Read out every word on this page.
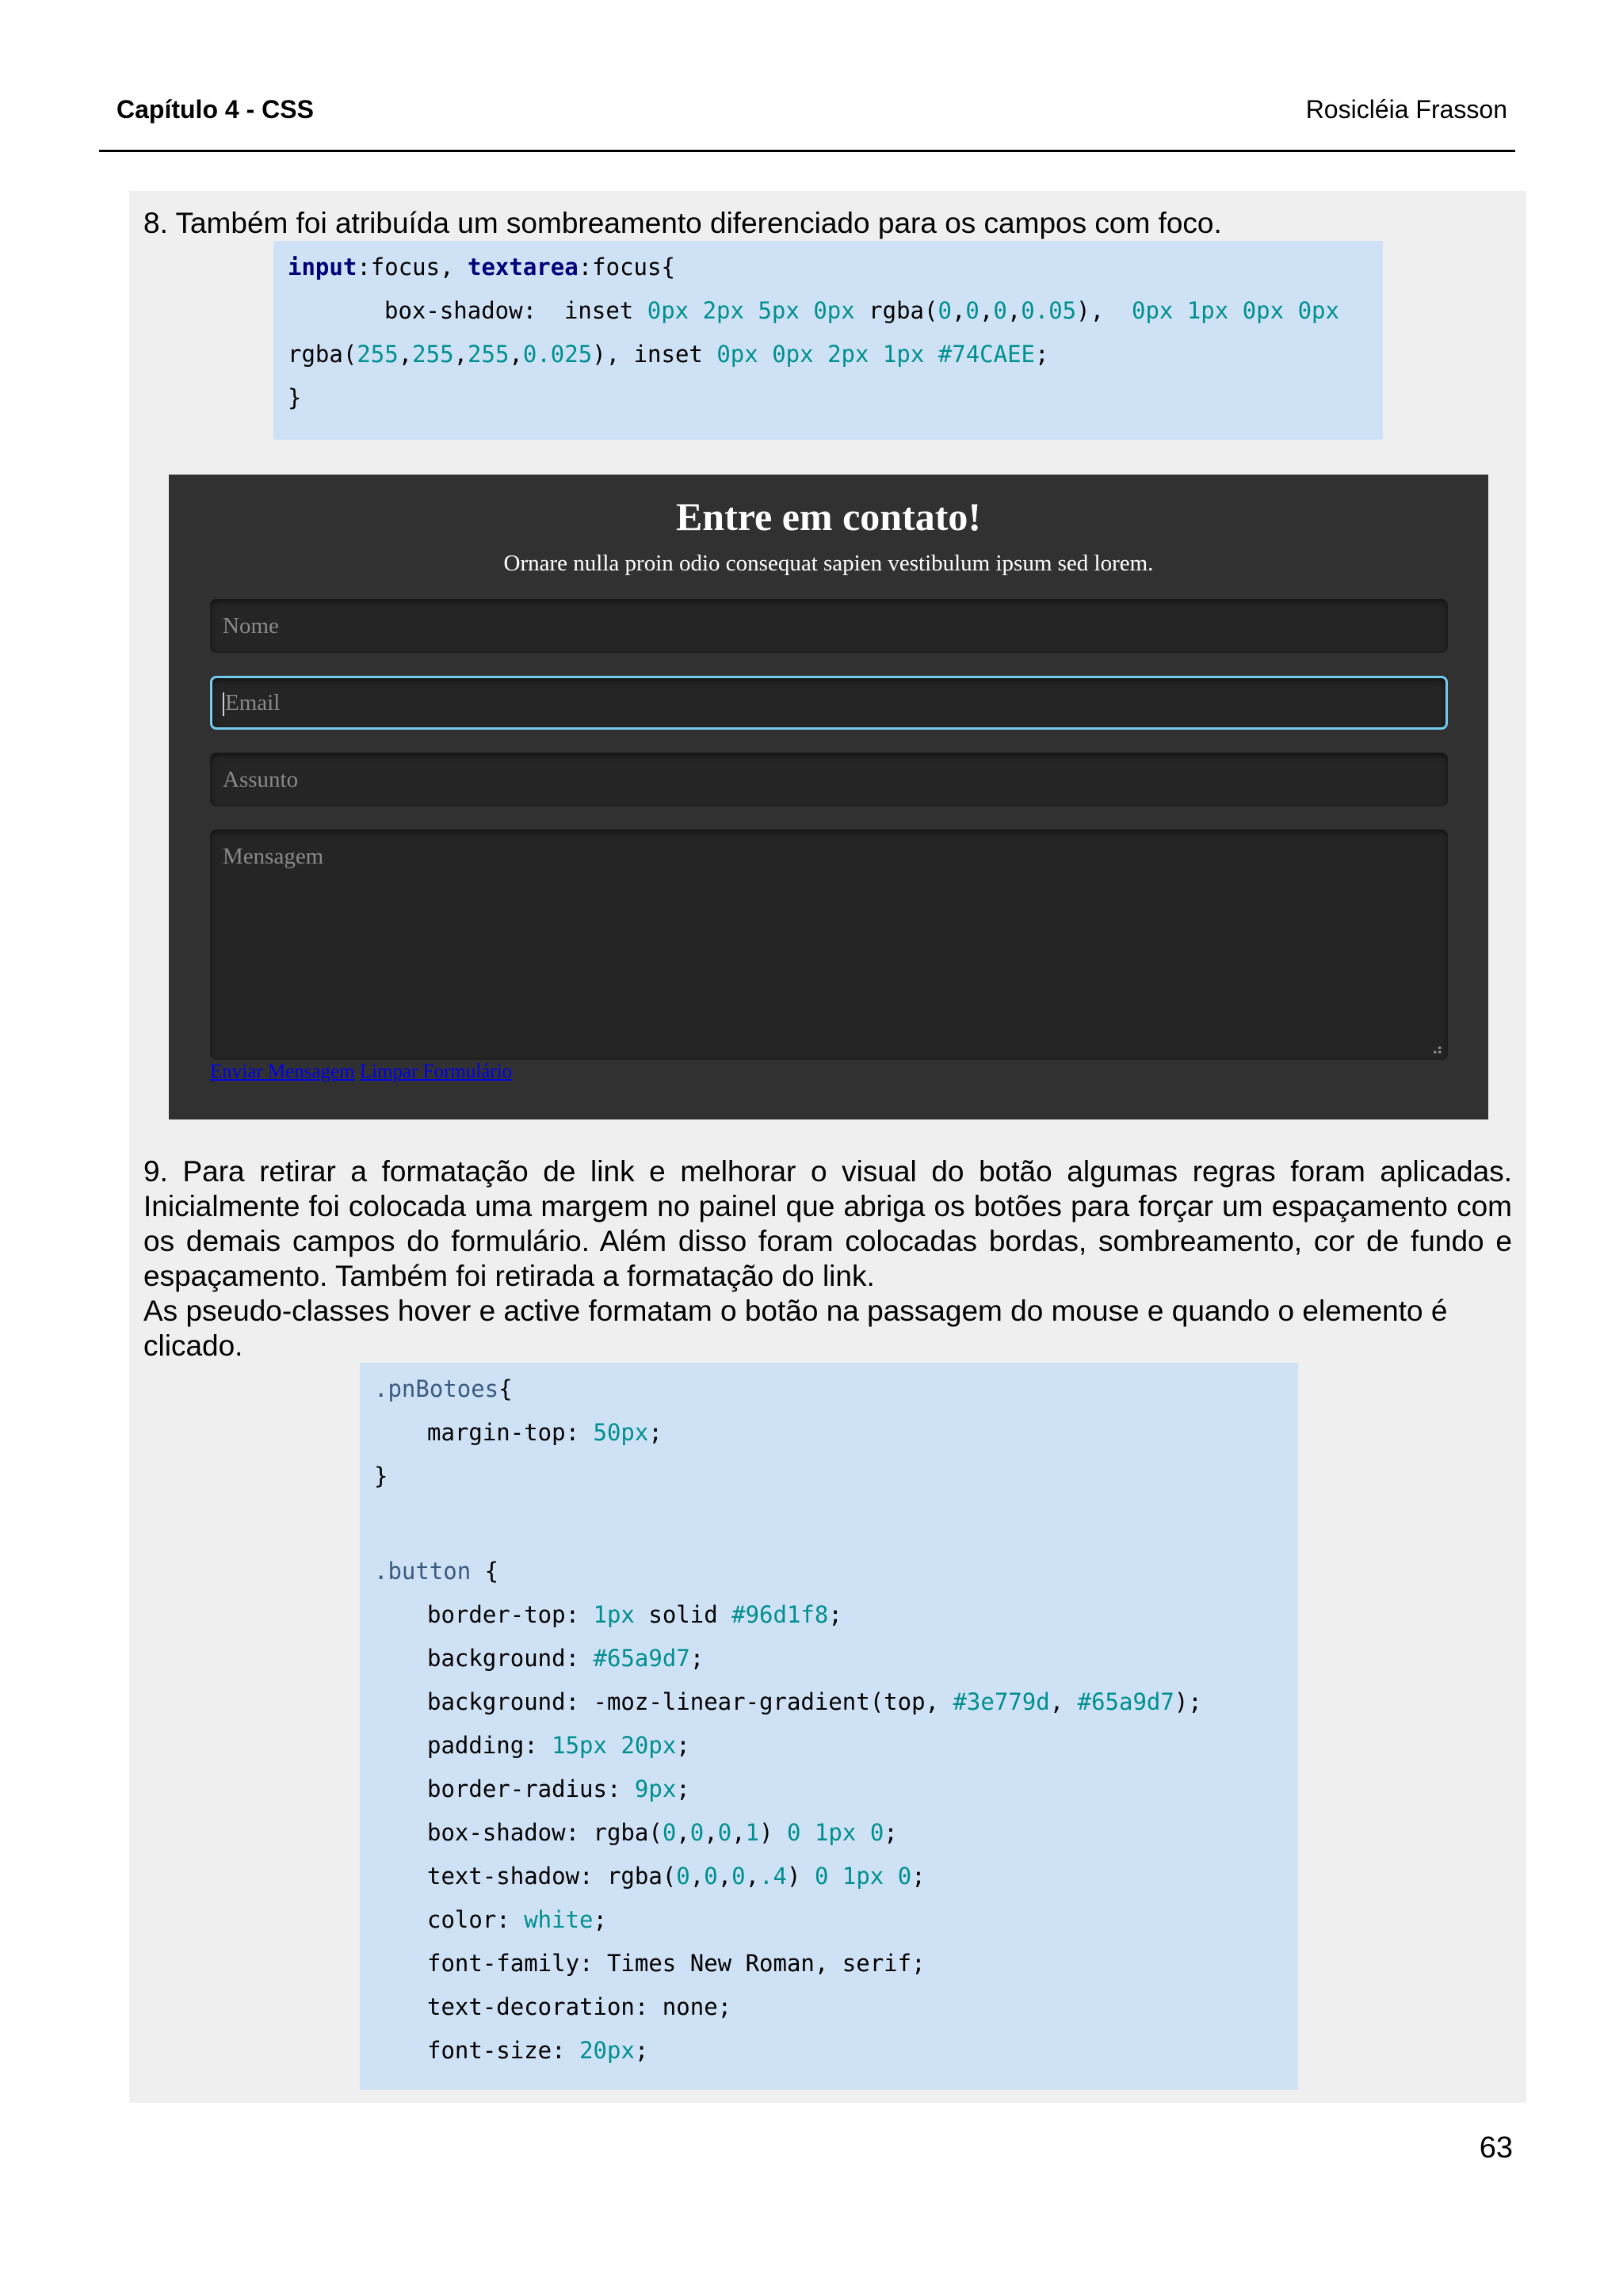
Capítulo 4 - CSS	Rosicléia Frasson

8. Também foi atribuída um sombreamento diferenciado para os campos com foco.

input:focus, textarea:focus{

box-shadow:  inset 0px 2px 5px 0px rgba(0,0,0,0.05),  0px 1px 0px 0px

rgba(255,255,255,0.025), inset 0px 0px 2px 1px #74CAEE;

}

Entre em contato!
Ornare nulla proin odio consequat sapien vestibulum ipsum sed lorem.
Nome
Email
Assunto
Mensagem
⠴
Enviar Mensagem Limpar Formulário

9. Para retirar a formatação de link e melhorar o visual do botão algumas regras foram aplicadas. Inicialmente foi colocada uma margem no painel que abriga os botões para forçar um espaçamento com os demais campos do formulário. Além disso foram colocadas bordas, sombreamento, cor de fundo e espaçamento. Também foi retirada a formatação do link.

As pseudo-classes hover e active formatam o botão na passagem do mouse e quando o elemento é clicado.

.pnBotoes{

margin-top: 50px;

}

.button {

border-top: 1px solid #96d1f8;

background: #65a9d7;

background: -moz-linear-gradient(top, #3e779d, #65a9d7);

padding: 15px 20px;

border-radius: 9px;

box-shadow: rgba(0,0,0,1) 0 1px 0;

text-shadow: rgba(0,0,0,.4) 0 1px 0;

color: white;

font-family: Times New Roman, serif;

text-decoration: none;

font-size: 20px;

63
